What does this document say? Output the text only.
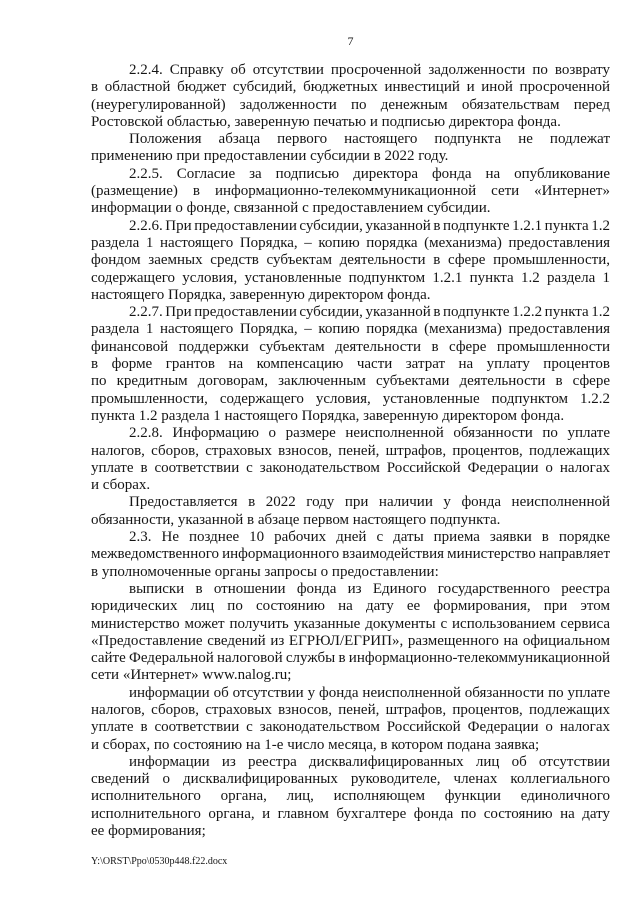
7
2.2.4. Справку об отсутствии просроченной задолженности по возврату
в областной бюджет субсидий, бюджетных инвестиций и иной просроченной
(неурегулированной) задолженности по денежным обязательствам перед
Ростовской областью, заверенную печатью и подписью директора фонда.
Положения абзаца первого настоящего подпункта не подлежат
применению при предоставлении субсидии в 2022 году.
2.2.5. Согласие за подписью директора фонда на опубликование
(размещение) в информационно-телекоммуникационной сети «Интернет»
информации о фонде, связанной с предоставлением субсидии.
2.2.6. При предоставлении субсидии, указанной в подпункте 1.2.1 пункта 1.2
раздела 1 настоящего Порядка, – копию порядка (механизма) предоставления
фондом заемных средств субъектам деятельности в сфере промышленности,
содержащего условия, установленные подпунктом 1.2.1 пункта 1.2 раздела 1
настоящего Порядка, заверенную директором фонда.
2.2.7. При предоставлении субсидии, указанной в подпункте 1.2.2 пункта 1.2
раздела 1 настоящего Порядка, – копию порядка (механизма) предоставления
финансовой поддержки субъектам деятельности в сфере промышленности
в форме грантов на компенсацию части затрат на уплату процентов
по кредитным договорам, заключенным субъектами деятельности в сфере
промышленности, содержащего условия, установленные подпунктом 1.2.2
пункта 1.2 раздела 1 настоящего Порядка, заверенную директором фонда.
2.2.8. Информацию о размере неисполненной обязанности по уплате
налогов, сборов, страховых взносов, пеней, штрафов, процентов, подлежащих
уплате в соответствии с законодательством Российской Федерации о налогах
и сборах.
Предоставляется в 2022 году при наличии у фонда неисполненной
обязанности, указанной в абзаце первом настоящего подпункта.
2.3. Не позднее 10 рабочих дней с даты приема заявки в порядке
межведомственного информационного взаимодействия министерство направляет
в уполномоченные органы запросы о предоставлении:
выписки в отношении фонда из Единого государственного реестра
юридических лиц по состоянию на дату ее формирования, при этом
министерство может получить указанные документы с использованием сервиса
«Предоставление сведений из ЕГРЮЛ/ЕГРИП», размещенного на официальном
сайте Федеральной налоговой службы в информационно-телекоммуникационной
сети «Интернет» www.nalog.ru;
информации об отсутствии у фонда неисполненной обязанности по уплате
налогов, сборов, страховых взносов, пеней, штрафов, процентов, подлежащих
уплате в соответствии с законодательством Российской Федерации о налогах
и сборах, по состоянию на 1-е число месяца, в котором подана заявка;
информации из реестра дисквалифицированных лиц об отсутствии
сведений о дисквалифицированных руководителе, членах коллегиального
исполнительного органа, лиц, исполняющем функции единоличного
исполнительного органа, и главном бухгалтере фонда по состоянию на дату
ее формирования;
Y:\ORST\Ppo\0530p448.f22.docx
